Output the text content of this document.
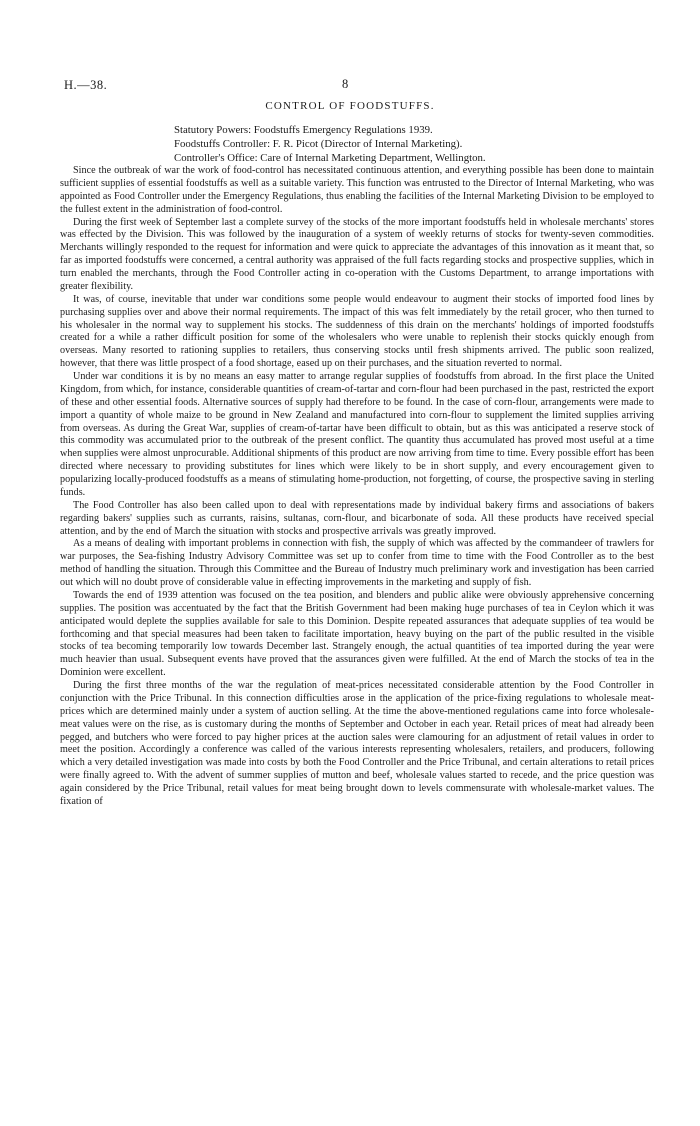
H.—38.	8
CONTROL OF FOODSTUFFS.
Statutory Powers: Foodstuffs Emergency Regulations 1939.
Foodstuffs Controller: F. R. Picot (Director of Internal Marketing).
Controller's Office: Care of Internal Marketing Department, Wellington.

Since the outbreak of war the work of food-control has necessitated continuous attention, and everything possible has been done to maintain sufficient supplies of essential foodstuffs as well as a suitable variety. This function was entrusted to the Director of Internal Marketing, who was appointed as Food Controller under the Emergency Regulations, thus enabling the facilities of the Internal Marketing Division to be employed to the fullest extent in the administration of food-control.

During the first week of September last a complete survey of the stocks of the more important foodstuffs held in wholesale merchants' stores was effected by the Division. This was followed by the inauguration of a system of weekly returns of stocks for twenty-seven commodities. Merchants willingly responded to the request for information and were quick to appreciate the advantages of this innovation as it meant that, so far as imported foodstuffs were concerned, a central authority was appraised of the full facts regarding stocks and prospective supplies, which in turn enabled the merchants, through the Food Controller acting in co-operation with the Customs Department, to arrange importations with greater flexibility.

It was, of course, inevitable that under war conditions some people would endeavour to augment their stocks of imported food lines by purchasing supplies over and above their normal requirements. The impact of this was felt immediately by the retail grocer, who then turned to his wholesaler in the normal way to supplement his stocks. The suddenness of this drain on the merchants' holdings of imported foodstuffs created for a while a rather difficult position for some of the wholesalers who were unable to replenish their stocks quickly enough from overseas. Many resorted to rationing supplies to retailers, thus conserving stocks until fresh shipments arrived. The public soon realized, however, that there was little prospect of a food shortage, eased up on their purchases, and the situation reverted to normal.

Under war conditions it is by no means an easy matter to arrange regular supplies of foodstuffs from abroad. In the first place the United Kingdom, from which, for instance, considerable quantities of cream-of-tartar and corn-flour had been purchased in the past, restricted the export of these and other essential foods. Alternative sources of supply had therefore to be found. In the case of corn-flour, arrangements were made to import a quantity of whole maize to be ground in New Zealand and manufactured into corn-flour to supplement the limited supplies arriving from overseas. As during the Great War, supplies of cream-of-tartar have been difficult to obtain, but as this was anticipated a reserve stock of this commodity was accumulated prior to the outbreak of the present conflict. The quantity thus accumulated has proved most useful at a time when supplies were almost unprocurable. Additional shipments of this product are now arriving from time to time. Every possible effort has been directed where necessary to providing substitutes for lines which were likely to be in short supply, and every encouragement given to popularizing locally-produced foodstuffs as a means of stimulating home-production, not forgetting, of course, the prospective saving in sterling funds.

The Food Controller has also been called upon to deal with representations made by individual bakery firms and associations of bakers regarding bakers' supplies such as currants, raisins, sultanas, corn-flour, and bicarbonate of soda. All these products have received special attention, and by the end of March the situation with stocks and prospective arrivals was greatly improved.

As a means of dealing with important problems in connection with fish, the supply of which was affected by the commandeer of trawlers for war purposes, the Sea-fishing Industry Advisory Committee was set up to confer from time to time with the Food Controller as to the best method of handling the situation. Through this Committee and the Bureau of Industry much preliminary work and investigation has been carried out which will no doubt prove of considerable value in effecting improvements in the marketing and supply of fish.

Towards the end of 1939 attention was focused on the tea position, and blenders and public alike were obviously apprehensive concerning supplies. The position was accentuated by the fact that the British Government had been making huge purchases of tea in Ceylon which it was anticipated would deplete the supplies available for sale to this Dominion. Despite repeated assurances that adequate supplies of tea would be forthcoming and that special measures had been taken to facilitate importation, heavy buying on the part of the public resulted in the visible stocks of tea becoming temporarily low towards December last. Strangely enough, the actual quantities of tea imported during the year were much heavier than usual. Subsequent events have proved that the assurances given were fulfilled. At the end of March the stocks of tea in the Dominion were excellent.

During the first three months of the war the regulation of meat-prices necessitated considerable attention by the Food Controller in conjunction with the Price Tribunal. In this connection difficulties arose in the application of the price-fixing regulations to wholesale meat-prices which are determined mainly under a system of auction selling. At the time the above-mentioned regulations came into force wholesale-meat values were on the rise, as is customary during the months of September and October in each year. Retail prices of meat had already been pegged, and butchers who were forced to pay higher prices at the auction sales were clamouring for an adjustment of retail values in order to meet the position. Accordingly a conference was called of the various interests representing wholesalers, retailers, and producers, following which a very detailed investigation was made into costs by both the Food Controller and the Price Tribunal, and certain alterations to retail prices were finally agreed to. With the advent of summer supplies of mutton and beef, wholesale values started to recede, and the price question was again considered by the Price Tribunal, retail values for meat being brought down to levels commensurate with wholesale-market values. The fixation of
